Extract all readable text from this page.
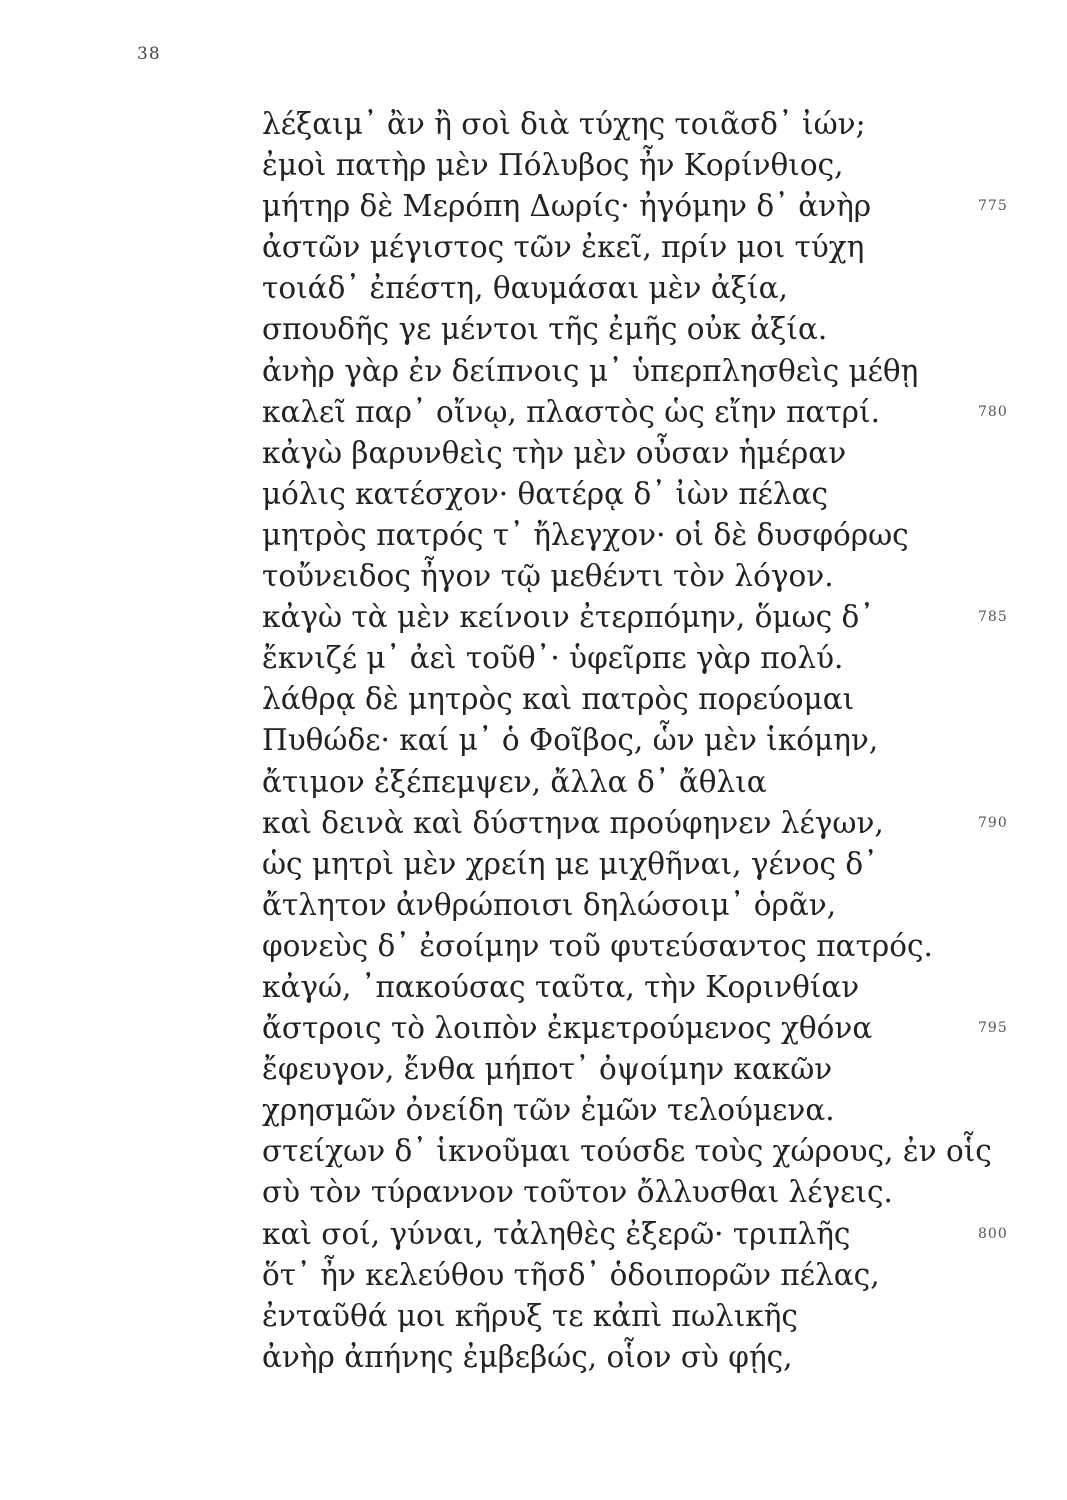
38
λέξαιμ᾽ ἂν ἢ σοὶ διὰ τύχης τοιᾶσδ᾽ ἰών;
ἐμοὶ πατὴρ μὲν Πόλυβος ἦν Κορίνθιος,
μήτηρ δὲ Μερόπη Δωρίς· ἠγόμην δ᾽ ἀνὴρ	775
ἀστῶν μέγιστος τῶν ἐκεῖ, πρίν μοι τύχη
τοιάδ᾽ ἐπέστη, θαυμάσαι μὲν ἀξία,
σπουδῆς γε μέντοι τῆς ἐμῆς οὐκ ἀξία.
ἀνὴρ γὰρ ἐν δείπνοις μ᾽ ὑπερπλησθεὶς μέθῃ
καλεῖ παρ᾽ οἴνῳ, πλαστὸς ὡς εἴην πατρί.	780
κἀγὼ βαρυνθεὶς τὴν μὲν οὖσαν ἡμέραν
μόλις κατέσχον· θατέρᾳ δ᾽ ἰὼν πέλας
μητρὸς πατρός τ᾽ ἤλεγχον· οἱ δὲ δυσφόρως
τοὔνειδος ἦγον τῷ μεθέντι τὸν λόγον.
κἀγὼ τὰ μὲν κείνοιν ἐτερπόμην, ὅμως δ᾽	785
ἔκνιζέ μ᾽ ἀεὶ τοῦθ᾽· ὑφεῖρπε γὰρ πολύ.
λάθρᾳ δὲ μητρὸς καὶ πατρὸς πορεύομαι
Πυθώδε· καί μ᾽ ὁ Φοῖβος, ὧν μὲν ἱκόμην,
ἄτιμον ἐξέπεμψεν, ἄλλα δ᾽ ἄθλια
καὶ δεινὰ καὶ δύστηνα προύφηνεν λέγων,	790
ὡς μητρὶ μὲν χρείη με μιχθῆναι, γένος δ᾽
ἄτλητον ἀνθρώποισι δηλώσοιμ᾽ ὁρᾶν,
φονεὺς δ᾽ ἐσοίμην τοῦ φυτεύσαντος πατρός.
κἀγώ, ᾽πακούσας ταῦτα, τὴν Κορινθίαν
ἄστροις τὸ λοιπὸν ἐκμετρούμενος χθόνα	795
ἔφευγον, ἔνθα μήποτ᾽ ὀψοίμην κακῶν
χρησμῶν ὀνείδη τῶν ἐμῶν τελούμενα.
στείχων δ᾽ ἱκνοῦμαι τούσδε τοὺς χώρους, ἐν οἷς
σὺ τὸν τύραννον τοῦτον ὄλλυσθαι λέγεις.
καὶ σοί, γύναι, τἀληθὲς ἐξερῶ· τριπλῆς	800
ὅτ᾽ ἦν κελεύθου τῆσδ᾽ ὁδοιπορῶν πέλας,
ἐνταῦθά μοι κῆρυξ τε κἀπὶ πωλικῆς
ἀνὴρ ἀπήνης ἐμβεβώς, οἷον σὺ φῄς,
